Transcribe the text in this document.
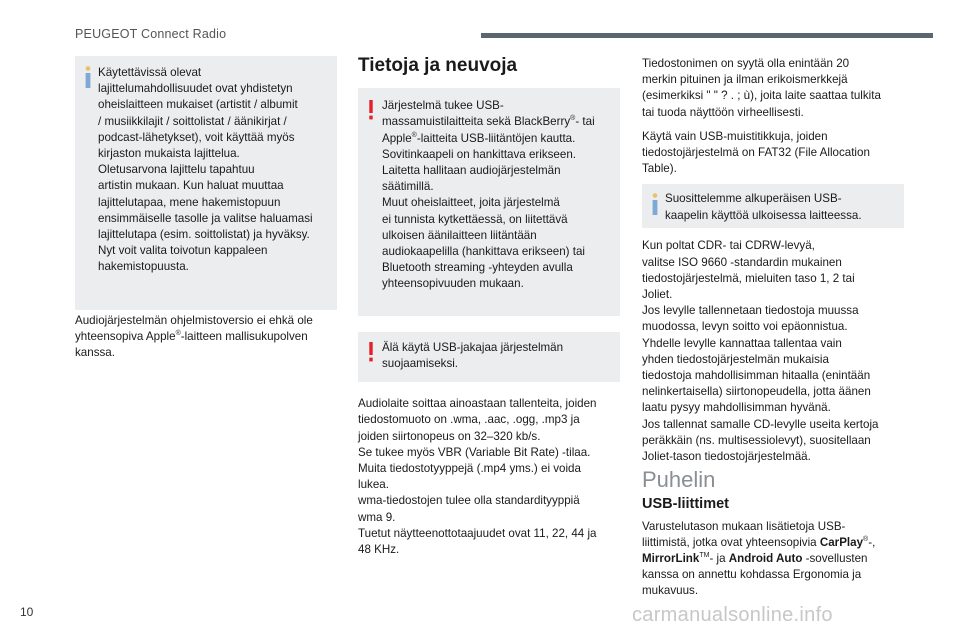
PEUGEOT Connect Radio
Käytettävissä olevat
lajittelumahdollisuudet ovat yhdistetyn
oheislaitteen mukaiset (artistit / albumit
/ musiikkilajit / soittolistat / äänikirjat /
podcast-lähetykset), voit käyttää myös
kirjaston mukaista lajittelua.
Oletusarvona lajittelu tapahtuu
artistin mukaan. Kun haluat muuttaa
lajittelutapaa, mene hakemistopuun
ensimmäiselle tasolle ja valitse haluamasi
lajittelutapa (esim. soittolistat) ja hyväksy.
Nyt voit valita toivotun kappaleen
hakemistopuusta.

Audiojärjestelmän ohjelmistoversio ei ehkä ole
yhteensopiva Apple®-laitteen mallisukupolven
kanssa.

Tietoja ja neuvoja
Järjestelmä tukee USB-
massamuistilaitteita sekä BlackBerry®- tai
Apple®-laitteita USB-liitäntöjen kautta.
Sovitinkaapeli on hankittava erikseen.
Laitetta hallitaan audiojärjestelmän
säätimillä.
Muut oheislaitteet, joita järjestelmä
ei tunnista kytkettäessä, on liitettävä
ulkoisen äänilaitteen liitäntään
audiokaapelilla (hankittava erikseen) tai
Bluetooth streaming -yhteyden avulla
yhteensopivuuden mukaan.
Älä käytä USB-jakajaa järjestelmän
suojaamiseksi.

Audiolaite soittaa ainoastaan tallenteita, joiden
tiedostomuoto on .wma, .aac, .ogg, .mp3 ja
joiden siirtonopeus on 32–320 kb/s.
Se tukee myös VBR (Variable Bit Rate) -tilaa.
Muita tiedostotyyppejä (.mp4 yms.) ei voida
lukea.
wma-tiedostojen tulee olla standardityyppiä
wma 9.
Tuetut näytteenottotaajuudet ovat 11, 22, 44 ja
48 KHz.

Tiedostonimen on syytä olla enintään 20
merkin pituinen ja ilman erikoismerkkejä
(esimerkiksi " " ? . ; ù), joita laite saattaa tulkita
tai tuoda näyttöön virheellisesti.

Käytä vain USB-muistitikkuja, joiden
tiedostojärjestelmä on FAT32 (File Allocation
Table).

Suosittelemme alkuperäisen USB-
kaapelin käyttöä ulkoisessa laitteessa.

Kun poltat CDR- tai CDRW-levyä,
valitse ISO 9660 -standardin mukainen
tiedostojärjestelmä, mieluiten taso 1, 2 tai
Joliet.
Jos levylle tallennetaan tiedostoja muussa
muodossa, levyn soitto voi epäonnistua.
Yhdelle levylle kannattaa tallentaa vain
yhden tiedostojärjestelmän mukaisia
tiedostoja mahdollisimman hitaalla (enintään
nelinkertaisella) siirtonopeudella, jotta äänen
laatu pysyy mahdollisimman hyvänä.
Jos tallennat samalle CD-levylle useita kertoja
peräkkäin (ns. multisessiolevyt), suositellaan
Joliet-tason tiedostojärjestelmää.

Puhelin
USB-liittimet

Varustelutason mukaan lisätietoja USB-
liittimistä, jotka ovat yhteensopivia CarPlay®-,
MirrorLink™- ja Android Auto -sovellusten
kanssa on annettu kohdassa Ergonomia ja
mukavuus.

10	carmanualsonline.info
